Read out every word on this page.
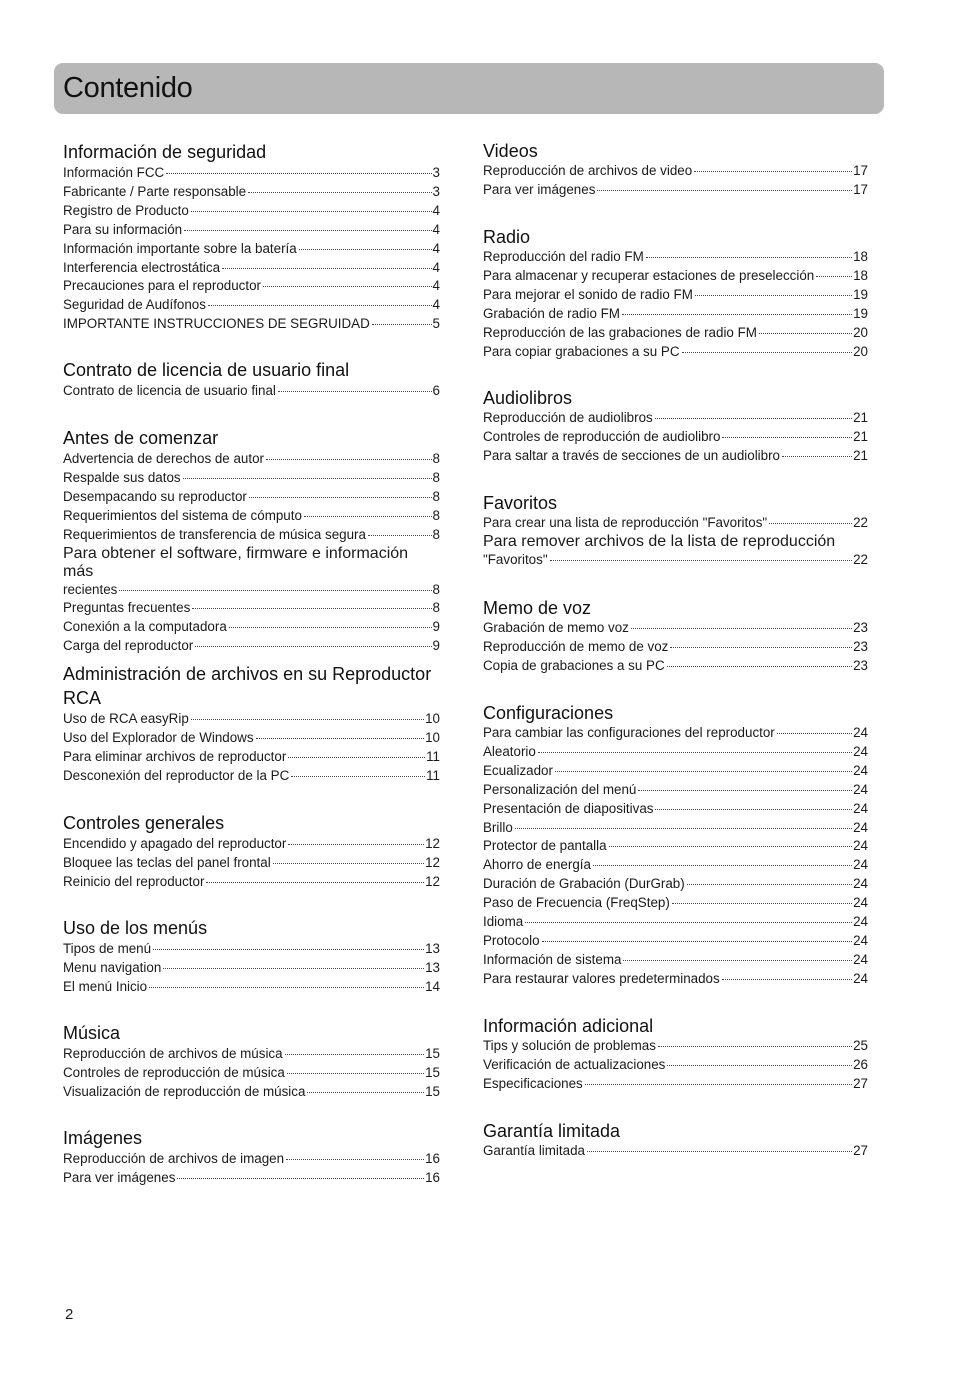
Contenido
Información de seguridad
Información FCC	3
Fabricante / Parte responsable	3
Registro de Producto	4
Para su información	4
Información importante sobre la batería	4
Interferencia electrostática	4
Precauciones para el reproductor	4
Seguridad de Audífonos	4
IMPORTANTE INSTRUCCIONES DE SEGRUIDAD	5
Contrato de licencia de usuario final
Contrato de licencia de usuario final	6
Antes de comenzar
Advertencia de derechos de autor	8
Respalde sus datos	8
Desempacando su reproductor	8
Requerimientos del sistema de cómputo	8
Requerimientos de transferencia de música segura	8
Para obtener el software, firmware e información más
recientes	8
Preguntas frecuentes	8
Conexión a la computadora	9
Carga del reproductor	9
Administración de archivos en su Reproductor RCA
Uso de RCA easyRip	10
Uso del Explorador de Windows	10
Para eliminar archivos de reproductor	11
Desconexión del reproductor de la PC	11
Controles generales
Encendido y apagado del reproductor	12
Bloquee las teclas del panel frontal	12
Reinicio del reproductor	12
Uso de los menús
Tipos de menú	13
Menu navigation	13
El menú Inicio	14
Música
Reproducción de archivos de música	15
Controles de reproducción de música	15
Visualización de reproducción de música	15
Imágenes
Reproducción de archivos de imagen	16
Para ver imágenes	16
Videos
Reproducción de archivos de video	17
Para ver imágenes	17
Radio
Reproducción del radio FM	18
Para almacenar y recuperar estaciones de preselección	18
Para mejorar el sonido de radio FM	19
Grabación de radio FM	19
Reproducción de las grabaciones de radio FM	20
Para copiar grabaciones a su PC	20
Audiolibros
Reproducción de audiolibros	21
Controles de reproducción de audiolibro	21
Para saltar a través de secciones de un audiolibro	21
Favoritos
Para crear una lista de reproducción "Favoritos"	22
Para remover archivos de la lista de reproducción
"Favoritos"	22
Memo de voz
Grabación de memo voz	23
Reproducción de memo de voz	23
Copia de grabaciones a su PC	23
Configuraciones
Para cambiar las configuraciones del reproductor	24
Aleatorio	24
Ecualizador	24
Personalización del menú	24
Presentación de diapositivas	24
Brillo	24
Protector de pantalla	24
Ahorro de energía	24
Duración de Grabación (DurGrab)	24
Paso de Frecuencia (FreqStep)	24
Idioma	24
Protocolo	24
Información de sistema	24
Para restaurar valores predeterminados	24
Información adicional
Tips y solución de problemas	25
Verificación de actualizaciones	26
Especificaciones	27
Garantía limitada
Garantía limitada	27
2
